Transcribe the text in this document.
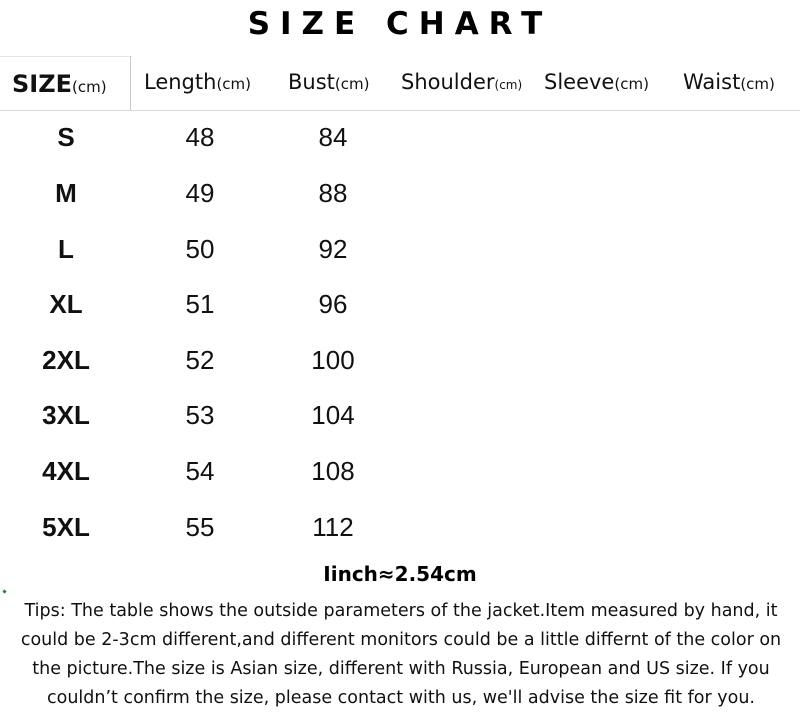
SIZE CHART
SIZE(cm) Length(cm) Bust(cm) Shoulder(cm) Sleeve(cm) Waist(cm)
S	48	84
M	49	88
L	50	92
XL	51	96
2XL	52	100
3XL	53	104
4XL	54	108
5XL	55	112
Iinch≈2.54cm
Tips: The table shows the outside parameters of the jacket.Item measured by hand, it could be 2-3cm different,and different monitors could be a little differnt of the color on the picture.The size is Asian size, different with Russia, European and US size. If you couldn’t confirm the size, please contact with us, we'll advise the size fit for you.
